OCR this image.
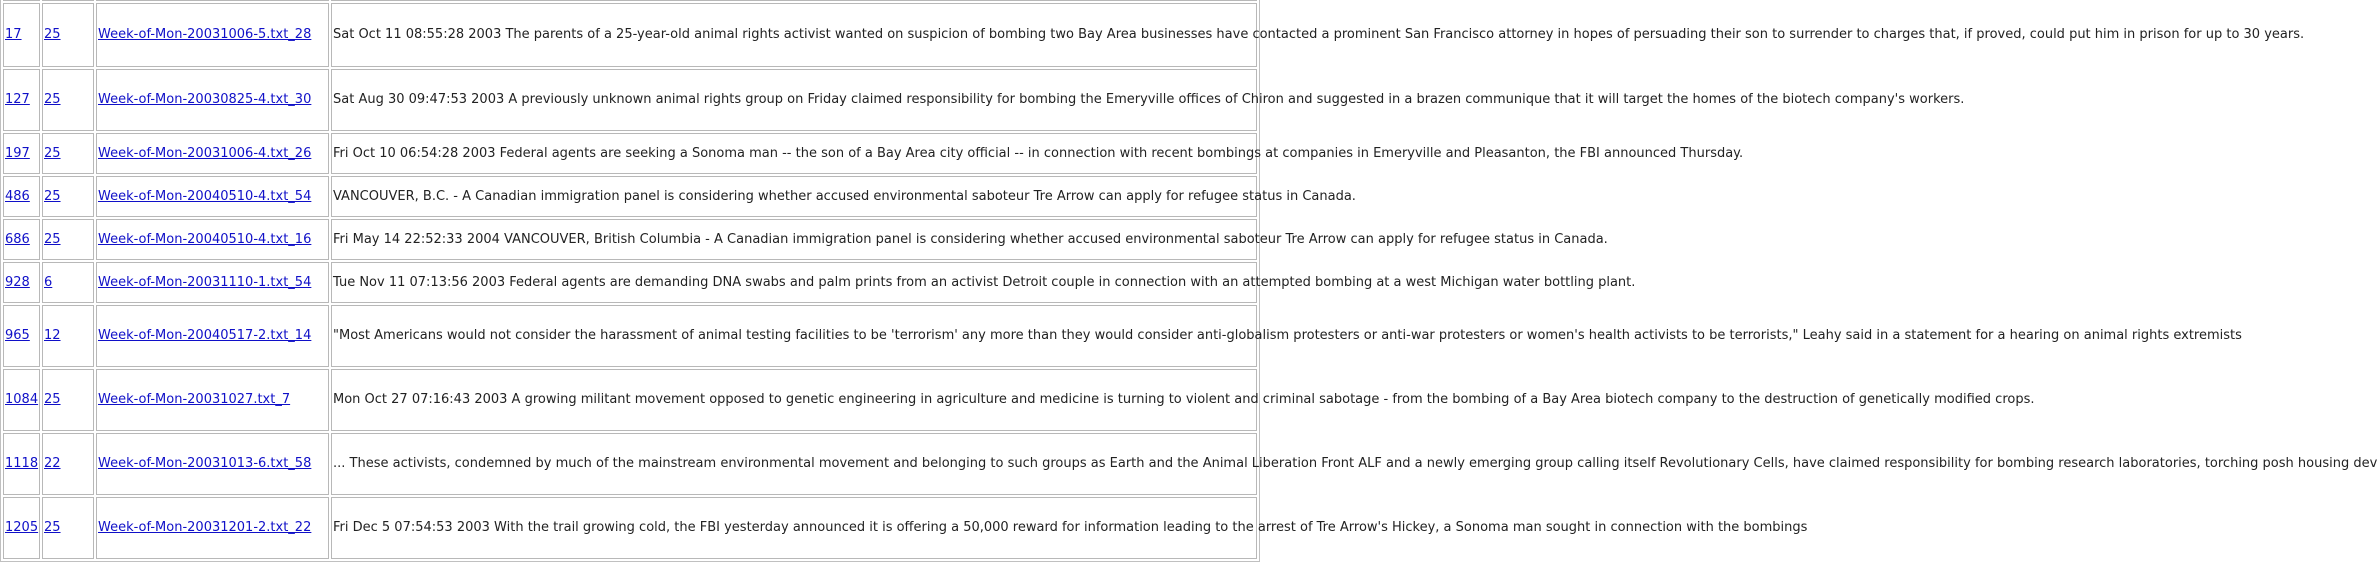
17	25	Week-of-Mon-20031006-5.txt_28	Sat Oct 11 08:55:28 2003 The parents of a 25-year-old animal rights activist wanted on suspicion of bombing two Bay Area businesses have contacted a prominent San Francisco attorney in hopes of persuading their son to surrender to charges that, if proved, could put him in prison for up to 30 years.
127	25	Week-of-Mon-20030825-4.txt_30	Sat Aug 30 09:47:53 2003 A previously unknown animal rights group on Friday claimed responsibility for bombing the Emeryville offices of Chiron and suggested in a brazen communique that it will target the homes of the biotech company's workers.
197	25	Week-of-Mon-20031006-4.txt_26	Fri Oct 10 06:54:28 2003 Federal agents are seeking a Sonoma man -- the son of a Bay Area city official -- in connection with recent bombings at companies in Emeryville and Pleasanton, the FBI announced Thursday.
486	25	Week-of-Mon-20040510-4.txt_54	VANCOUVER, B.C. - A Canadian immigration panel is considering whether accused environmental saboteur Tre Arrow can apply for refugee status in Canada.
686	25	Week-of-Mon-20040510-4.txt_16	Fri May 14 22:52:33 2004 VANCOUVER, British Columbia - A Canadian immigration panel is considering whether accused environmental saboteur Tre Arrow can apply for refugee status in Canada.
928	6	Week-of-Mon-20031110-1.txt_54	Tue Nov 11 07:13:56 2003 Federal agents are demanding DNA swabs and palm prints from an activist Detroit couple in connection with an attempted bombing at a west Michigan water bottling plant.
965	12	Week-of-Mon-20040517-2.txt_14	"Most Americans would not consider the harassment of animal testing facilities to be 'terrorism' any more than they would consider anti-globalism protesters or anti-war protesters or women's health activists to be terrorists," Leahy said in a statement for a hearing on animal rights extremists
1084	25	Week-of-Mon-20031027.txt_7	Mon Oct 27 07:16:43 2003 A growing militant movement opposed to genetic engineering in agriculture and medicine is turning to violent and criminal sabotage - from the bombing of a Bay Area biotech company to the destruction of genetically modified crops.
1118	22	Week-of-Mon-20031013-6.txt_58	... These activists, condemned by much of the mainstream environmental movement and belonging to such groups as Earth and the Animal Liberation Front ALF and a newly emerging group calling itself Revolutionary Cells, have claimed responsibility for bombing research laboratories, torching posh housing dev
1205	25	Week-of-Mon-20031201-2.txt_22	Fri Dec 5 07:54:53 2003 With the trail growing cold, the FBI yesterday announced it is offering a 50,000 reward for information leading to the arrest of Tre Arrow's Hickey, a Sonoma man sought in connection with the bombings
